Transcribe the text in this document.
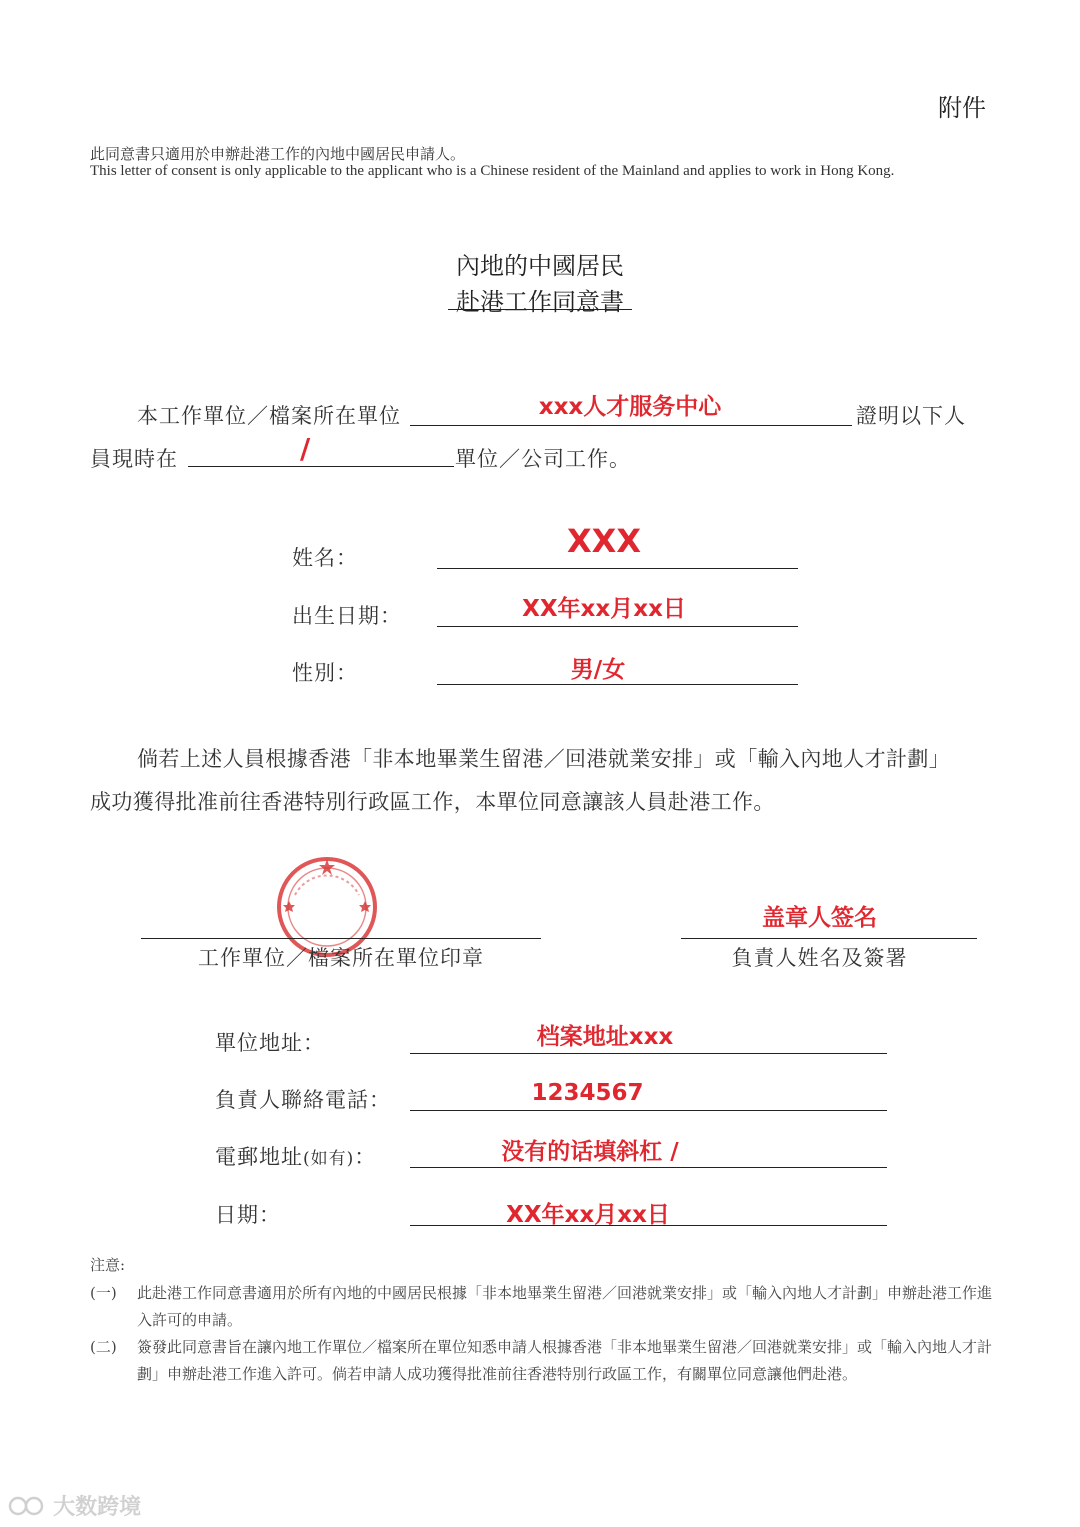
附件
此同意書只適用於申辦赴港工作的內地中國居民申請人。
This letter of consent is only applicable to the applicant who is a Chinese resident of the Mainland and applies to work in Hong Kong.
內地的中國居民
赴港工作同意書
本工作單位／檔案所在單位	xxx人才服务中心	證明以下人
員現時在	/	單位／公司工作。
姓名：	XXX
出生日期：	XX年xx月xx日
性別：	男/女
倘若上述人員根據香港「非本地畢業生留港／回港就業安排」或「輸入內地人才計劃」
成功獲得批准前往香港特別行政區工作，本單位同意讓該人員赴港工作。
工作單位／檔案所在單位印章
盖章人签名
負責人姓名及簽署
單位地址：	档案地址xxx
負責人聯絡電話：	1234567
電郵地址(如有)：	没有的话填斜杠 /
日期：	XX年xx月xx日
注意:
(一) 此赴港工作同意書適用於所有內地的中國居民根據「非本地畢業生留港／回港就業安排」或「輸入內地人才計劃」申辦赴港工作進入許可的申請。
(二) 簽發此同意書旨在讓內地工作單位／檔案所在單位知悉申請人根據香港「非本地畢業生留港／回港就業安排」或「輸入內地人才計劃」申辦赴港工作進入許可。倘若申請人成功獲得批准前往香港特別行政區工作，有關單位同意讓他們赴港。
大数跨境
